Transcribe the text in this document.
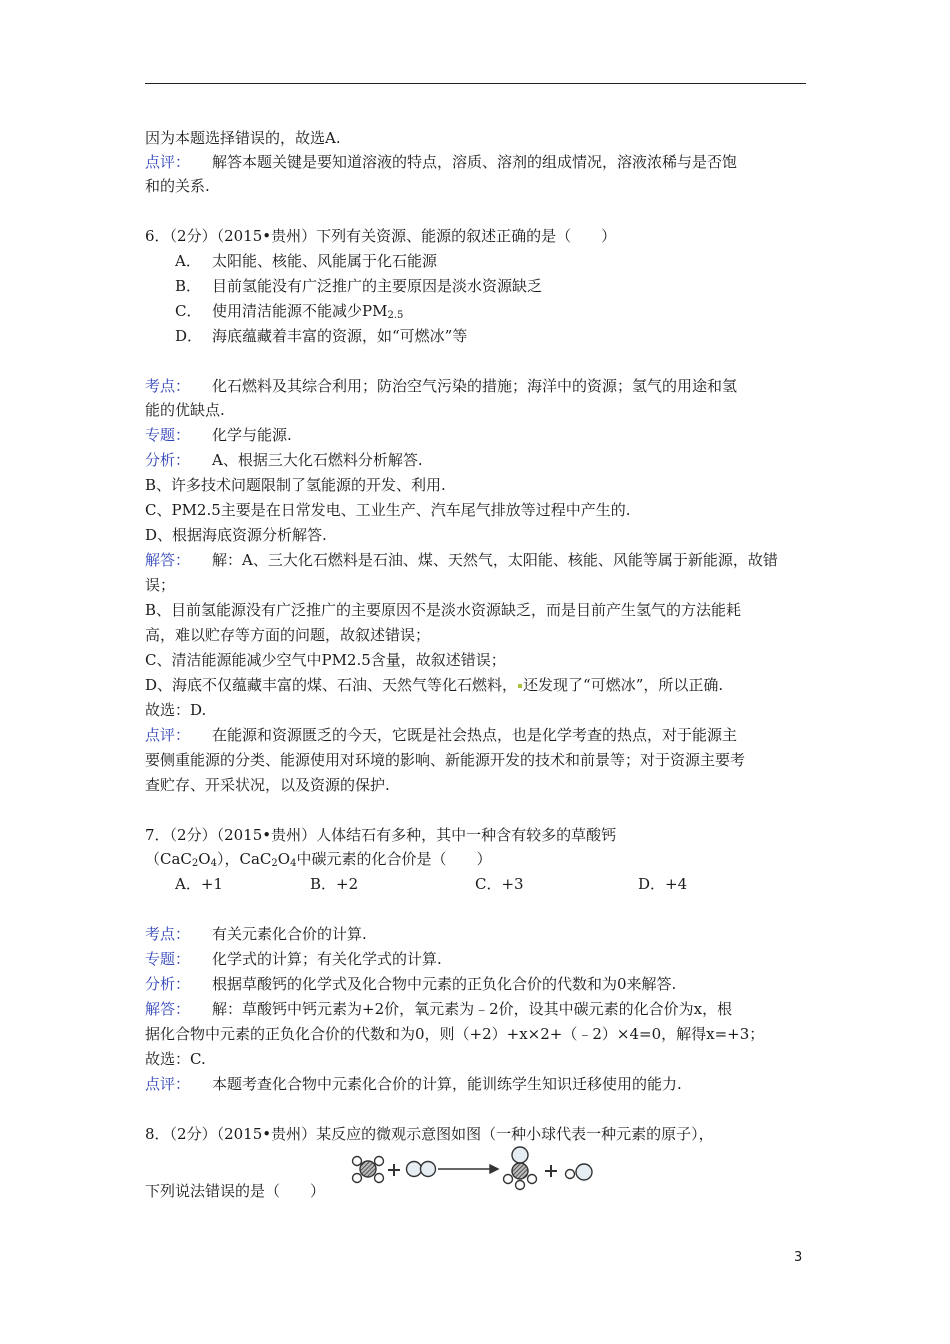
因为本题选择错误的，故选A.
点评： 解答本题关键是要知道溶液的特点，溶质、溶剂的组成情况，溶液浓稀与是否饱
和的关系.
6．（2分）（2015•贵州）下列有关资源、能源的叙述正确的是（　　）
A． 太阳能、核能、风能属于化石能源
B． 目前氢能没有广泛推广的主要原因是淡水资源缺乏
C． 使用清洁能源不能减少$PM_{2.5}$
D． 海底蕴藏着丰富的资源，如“可燃冰”等
考点： 化石燃料及其综合利用；防治空气污染的措施；海洋中的资源；氢气的用途和氢
能的优缺点.
专题： 化学与能源.
分析： A、根据三大化石燃料分析解答.
B、许多技术问题限制了氢能源的开发、利用.
C、PM2.5主要是在日常发电、工业生产、汽车尾气排放等过程中产生的.
D、根据海底资源分析解答.
解答： 解：A、三大化石燃料是石油、煤、天然气，太阳能、核能、风能等属于新能源，故错
误；
B、目前氢能源没有广泛推广的主要原因不是淡水资源缺乏，而是目前产生氢气的方法能耗
高，难以贮存等方面的问题，故叙述错误；
C、清洁能源能减少空气中PM2.5含量，故叙述错误；
D、海底不仅蕴藏丰富的煤、石油、天然气等化石燃料， 还发现了“可燃冰”，所以正确.
故选：D.
点评： 在能源和资源匮乏的今天，它既是社会热点，也是化学考查的热点，对于能源主
要侧重能源的分类、能源使用对环境的影响、新能源开发的技术和前景等；对于资源主要考
查贮存、开采状况，以及资源的保护.
7．（2分）（2015•贵州）人体结石有多种，其中一种含有较多的草酸钙
$(CaC_2O_4)$，$CaC_2O_4$中碳元素的化合价是（　　）
A．+1	B．+2	C．+3	D．+4
考点： 有关元素化合价的计算.
专题： 化学式的计算；有关化学式的计算.
分析： 根据草酸钙的化学式及化合物中元素的正负化合价的代数和为0来解答.
解答： 解：草酸钙中钙元素为+2价，氧元素为﹣2价，设其中碳元素的化合价为x，根
据化合物中元素的正负化合价的代数和为0，则（+2）+x×2+（﹣2）×4=0，解得x=+3；
故选：C.
点评： 本题考查化合物中元素化合价的计算，能训练学生知识迁移使用的能力.
8．（2分）（2015•贵州）某反应的微观示意图如图（一种小球代表一种元素的原子），
下列说法错误的是（　　）
3
